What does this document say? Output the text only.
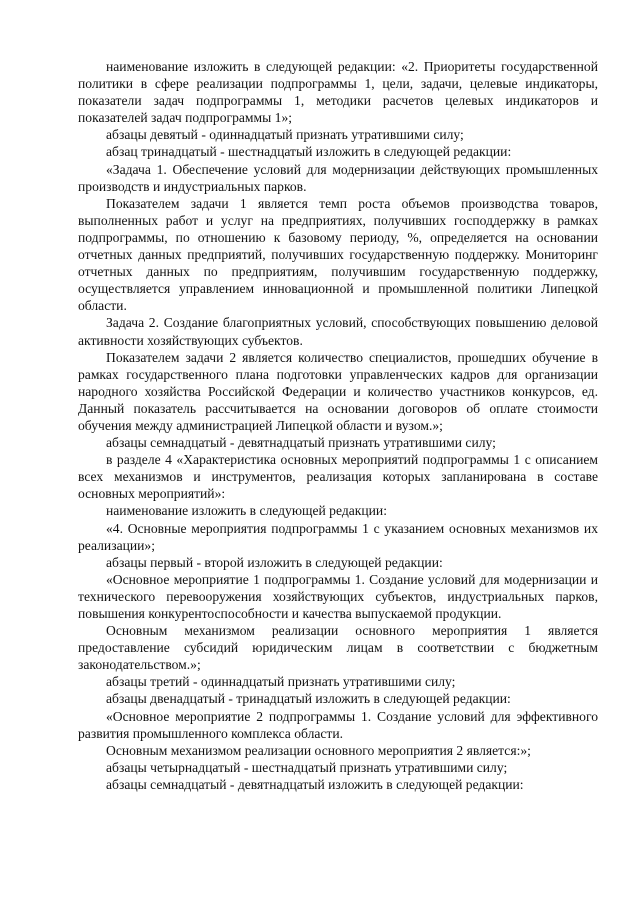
наименование изложить в следующей редакции: «2. Приоритеты государственной политики в сфере реализации подпрограммы 1, цели, задачи, целевые индикаторы, показатели задач подпрограммы 1, методики расчетов целевых индикаторов и показателей задач подпрограммы 1»;

абзацы девятый - одиннадцатый признать утратившими силу;

абзац тринадцатый - шестнадцатый изложить в следующей редакции:

«Задача 1. Обеспечение условий для модернизации действующих промышленных производств и индустриальных парков.

Показателем задачи 1 является темп роста объемов производства товаров, выполненных работ и услуг на предприятиях, получивших господдержку в рамках подпрограммы, по отношению к базовому периоду, %, определяется на основании отчетных данных предприятий, получивших государственную поддержку. Мониторинг отчетных данных по предприятиям, получившим государственную поддержку, осуществляется управлением инновационной и промышленной политики Липецкой области.

Задача 2. Создание благоприятных условий, способствующих повышению деловой активности хозяйствующих субъектов.

Показателем задачи 2 является количество специалистов, прошедших обучение в рамках государственного плана подготовки управленческих кадров для организации народного хозяйства Российской Федерации и количество участников конкурсов, ед. Данный показатель рассчитывается на основании договоров об оплате стоимости обучения между администрацией Липецкой области и вузом.»;

абзацы семнадцатый - девятнадцатый признать утратившими силу;

в разделе 4 «Характеристика основных мероприятий подпрограммы 1 с описанием всех механизмов и инструментов, реализация которых запланирована в составе основных мероприятий»:

наименование изложить в следующей редакции:

«4. Основные мероприятия подпрограммы 1 с указанием основных механизмов их реализации»;

абзацы первый - второй изложить в следующей редакции:

«Основное мероприятие 1 подпрограммы 1. Создание условий для модернизации и технического перевооружения хозяйствующих субъектов, индустриальных парков, повышения конкурентоспособности и качества выпускаемой продукции.

Основным механизмом реализации основного мероприятия 1 является предоставление субсидий юридическим лицам в соответствии с бюджетным законодательством.»;

абзацы третий - одиннадцатый признать утратившими силу;

абзацы двенадцатый - тринадцатый изложить в следующей редакции:

«Основное мероприятие 2 подпрограммы 1. Создание условий для эффективного развития промышленного комплекса области.

Основным механизмом реализации основного мероприятия 2 является:»;

абзацы четырнадцатый - шестнадцатый признать утратившими силу;

абзацы семнадцатый - девятнадцатый изложить в следующей редакции:
